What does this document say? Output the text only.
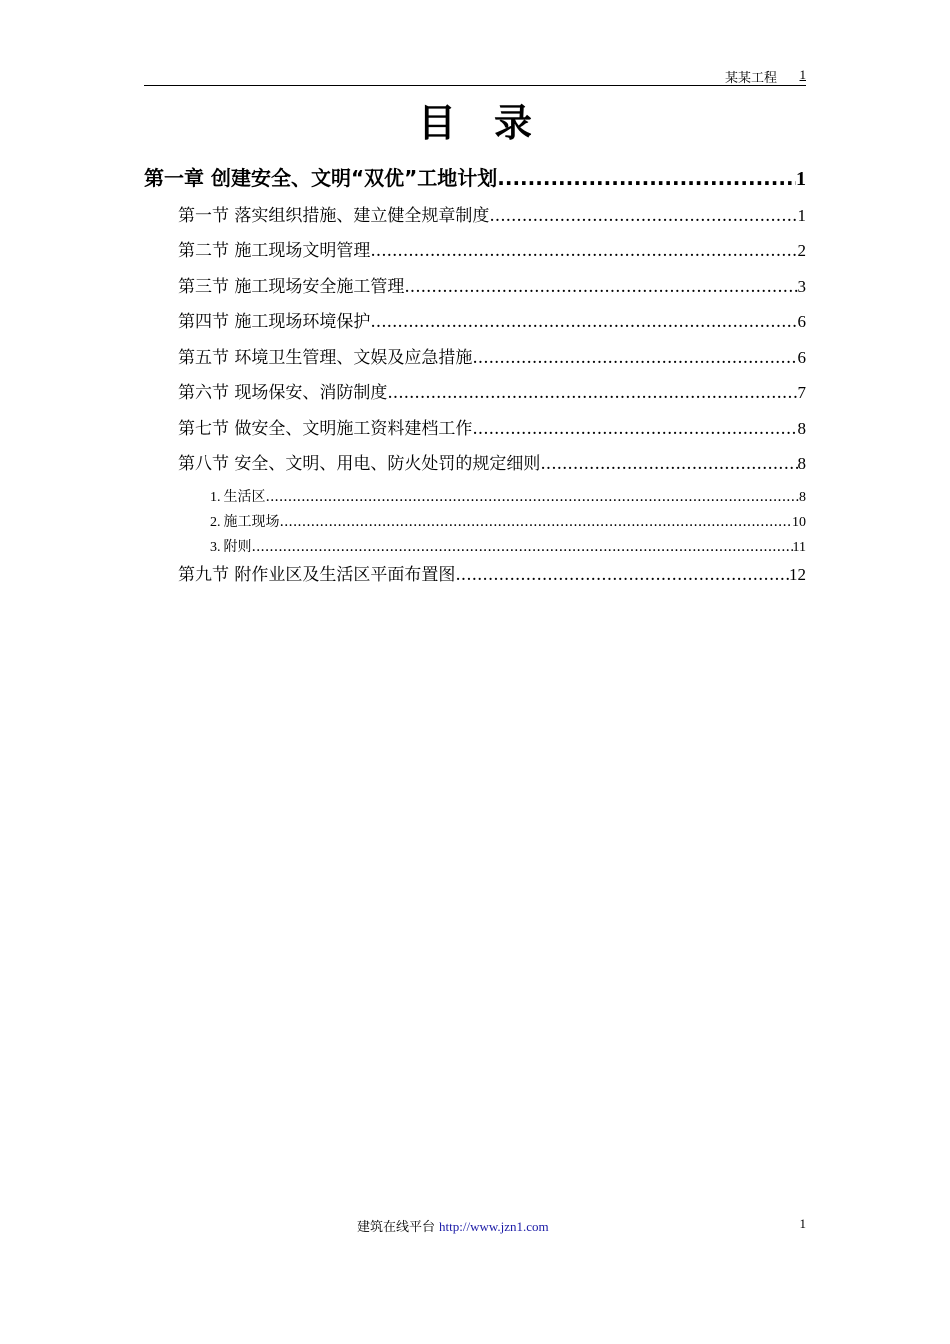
某某工程 1
目录
第一章 创建安全、文明“双优”工地计划 .....	1
第一节 落实组织措施、建立健全规章制度 .....	1
第二节 施工现场文明管理 .....	2
第三节 施工现场安全施工管理 .....	3
第四节 施工现场环境保护 .....	6
第五节 环境卫生管理、文娱及应急措施 .....	6
第六节 现场保安、消防制度 .....	7
第七节 做安全、文明施工资料建档工作 .....	8
第八节 安全、文明、用电、防火处罚的规定细则 .....	8
1. 生活区 .....	8
2. 施工现场 .....	10
3. 附则 .....	11
第九节 附作业区及生活区平面布置图 .....	12
建筑在线平台 http://www.jzn1.com	1
